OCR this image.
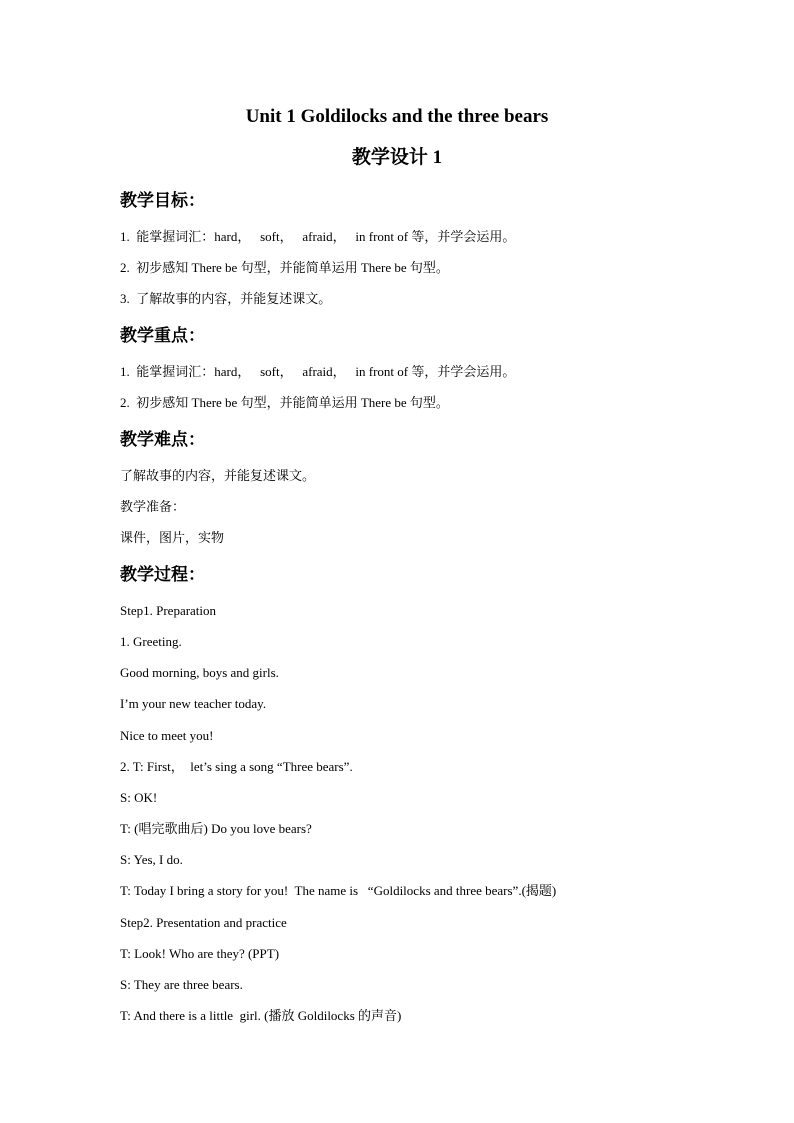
Unit 1 Goldilocks and the three bears
教学设计 1
教学目标：
1.  能掌握词汇：hard，   soft，   afraid，   in front of 等，并学会运用。
2.  初步感知 There be 句型，并能简单运用 There be 句型。
3.  了解故事的内容，并能复述课文。
教学重点：
1.  能掌握词汇：hard，   soft，   afraid，   in front of 等，并学会运用。
2.  初步感知 There be 句型，并能简单运用 There be 句型。
教学难点：
了解故事的内容，并能复述课文。
教学准备：
课件，图片，实物
教学过程：
Step1. Preparation
1. Greeting.
Good morning, boys and girls.
I’m your new teacher today.
Nice to meet you!
2. T: First，  let’s sing a song “Three bears”.
S: OK!
T: (唱完歌曲后) Do you love bears?
S: Yes, I do.
T: Today I bring a story for you!  The name is   “Goldilocks and three bears”.(揭题)
Step2. Presentation and practice
T: Look! Who are they? (PPT)
S: They are three bears.
T: And there is a little  girl. (播放 Goldilocks 的声音)
